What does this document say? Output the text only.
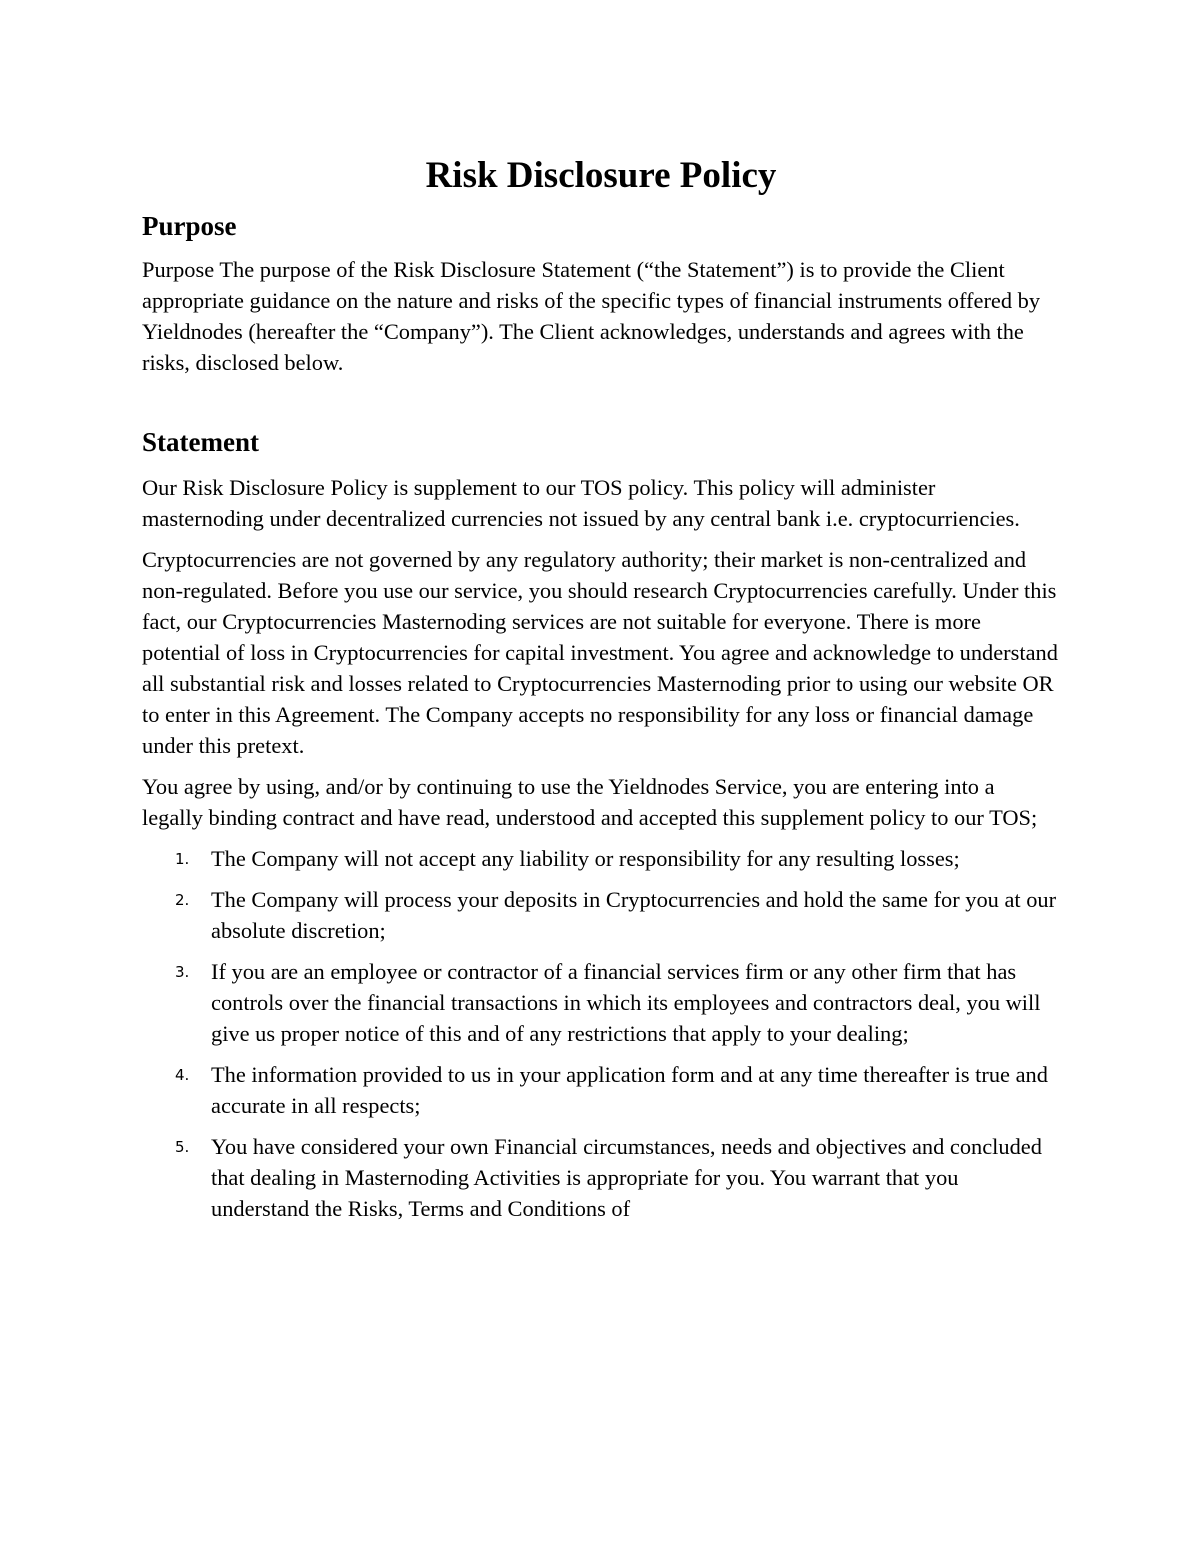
Risk Disclosure Policy
Purpose

Purpose The purpose of the Risk Disclosure Statement (“the Statement”) is to provide the Client appropriate guidance on the nature and risks of the specific types of financial instruments offered by Yieldnodes (hereafter the “Company”). The Client acknowledges, understands and agrees with the risks, disclosed below.

Statement

Our Risk Disclosure Policy is supplement to our TOS policy. This policy will administer masternoding under decentralized currencies not issued by any central bank i.e. cryptocurriencies.

Cryptocurrencies are not governed by any regulatory authority; their market is non-centralized and non-regulated. Before you use our service, you should research Cryptocurrencies carefully. Under this fact, our Cryptocurrencies Masternoding services are not suitable for everyone. There is more potential of loss in Cryptocurrencies for capital investment. You agree and acknowledge to understand all substantial risk and losses related to Cryptocurrencies Masternoding prior to using our website OR to enter in this Agreement. The Company accepts no responsibility for any loss or financial damage under this pretext.

You agree by using, and/or by continuing to use the Yieldnodes Service, you are entering into a legally binding contract and have read, understood and accepted this supplement policy to our TOS;

1. The Company will not accept any liability or responsibility for any resulting losses;
2. The Company will process your deposits in Cryptocurrencies and hold the same for you at our absolute discretion;
3. If you are an employee or contractor of a financial services firm or any other firm that has controls over the financial transactions in which its employees and contractors deal, you will give us proper notice of this and of any restrictions that apply to your dealing;
4. The information provided to us in your application form and at any time thereafter is true and accurate in all respects;
5. You have considered your own Financial circumstances, needs and objectives and concluded that dealing in Masternoding Activities is appropriate for you. You warrant that you understand the Risks, Terms and Conditions of
